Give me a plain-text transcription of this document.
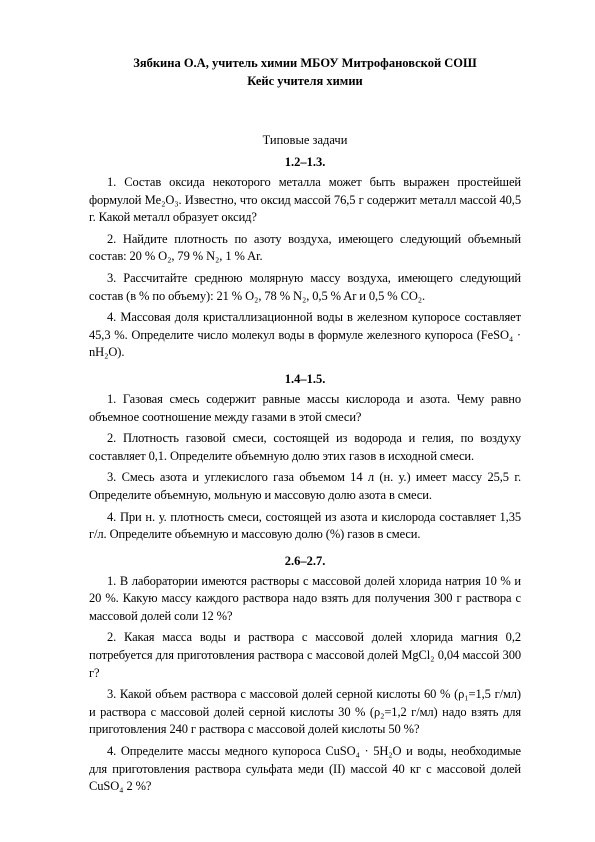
Зябкина О.А, учитель химии МБОУ Митрофановской СОШ

Кейс учителя химии

Типовые задачи

1.2–1.3.

1. Состав оксида некоторого металла может быть выражен простейшей формулой Me₂O₃. Известно, что оксид массой 76,5 г содержит металл массой 40,5 г. Какой металл образует оксид?

2. Найдите плотность по азоту воздуха, имеющего следующий объемный состав: 20 % O₂, 79 % N₂, 1 % Ar.

3. Рассчитайте среднюю молярную массу воздуха, имеющего следующий состав (в % по объему): 21 % O₂, 78 % N₂, 0,5 % Ar и 0,5 % CO₂.

4. Массовая доля кристаллизационной воды в железном купоросе составляет 45,3 %. Определите число молекул воды в формуле железного купороса (FeSO₄ · nH₂O).

1.4–1.5.

1. Газовая смесь содержит равные массы кислорода и азота. Чему равно объемное соотношение между газами в этой смеси?

2. Плотность газовой смеси, состоящей из водорода и гелия, по воздуху составляет 0,1. Определите объемную долю этих газов в исходной смеси.

3. Смесь азота и углекислого газа объемом 14 л (н. у.) имеет массу 25,5 г. Определите объемную, мольную и массовую долю азота в смеси.

4. При н. у. плотность смеси, состоящей из азота и кислорода составляет 1,35 г/л. Определите объемную и массовую долю (%) газов в смеси.

2.6–2.7.

1. В лаборатории имеются растворы с массовой долей хлорида натрия 10 % и 20 %. Какую массу каждого раствора надо взять для получения 300 г раствора с массовой долей соли 12 %?

2. Какая масса воды и раствора с массовой долей хлорида магния 0,2 потребуется для приготовления раствора с массовой долей MgCl₂ 0,04 массой 300 г?

3. Какой объем раствора с массовой долей серной кислоты 60 % (ρ₁=1,5 г/мл) и раствора с массовой долей серной кислоты 30 % (ρ₂=1,2 г/мл) надо взять для приготовления 240 г раствора с массовой долей кислоты 50 %?

4. Определите массы медного купороса CuSO₄ · 5H₂O и воды, необходимые для приготовления раствора сульфата меди (II) массой 40 кг с массовой долей CuSO₄ 2 %?
